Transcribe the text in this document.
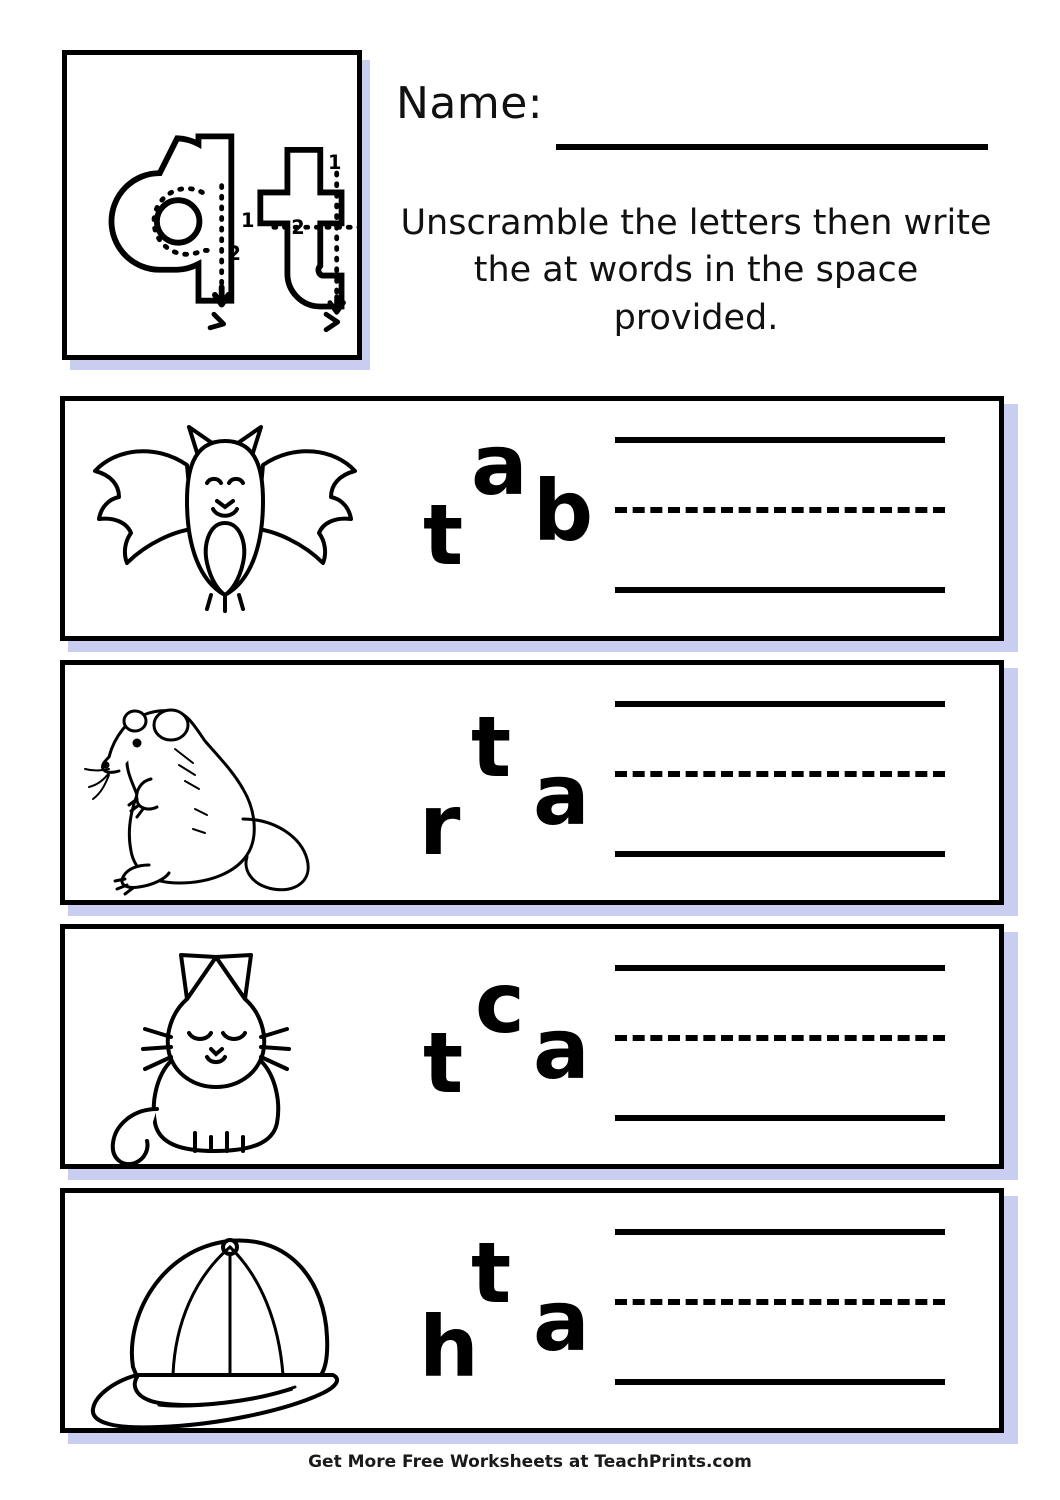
1
2
1
2
Name:
Unscramble the letters then write the at words in the space provided.
a
t b
t a
r
c
t a
t a
h
Get More Free Worksheets at TeachPrints.com
